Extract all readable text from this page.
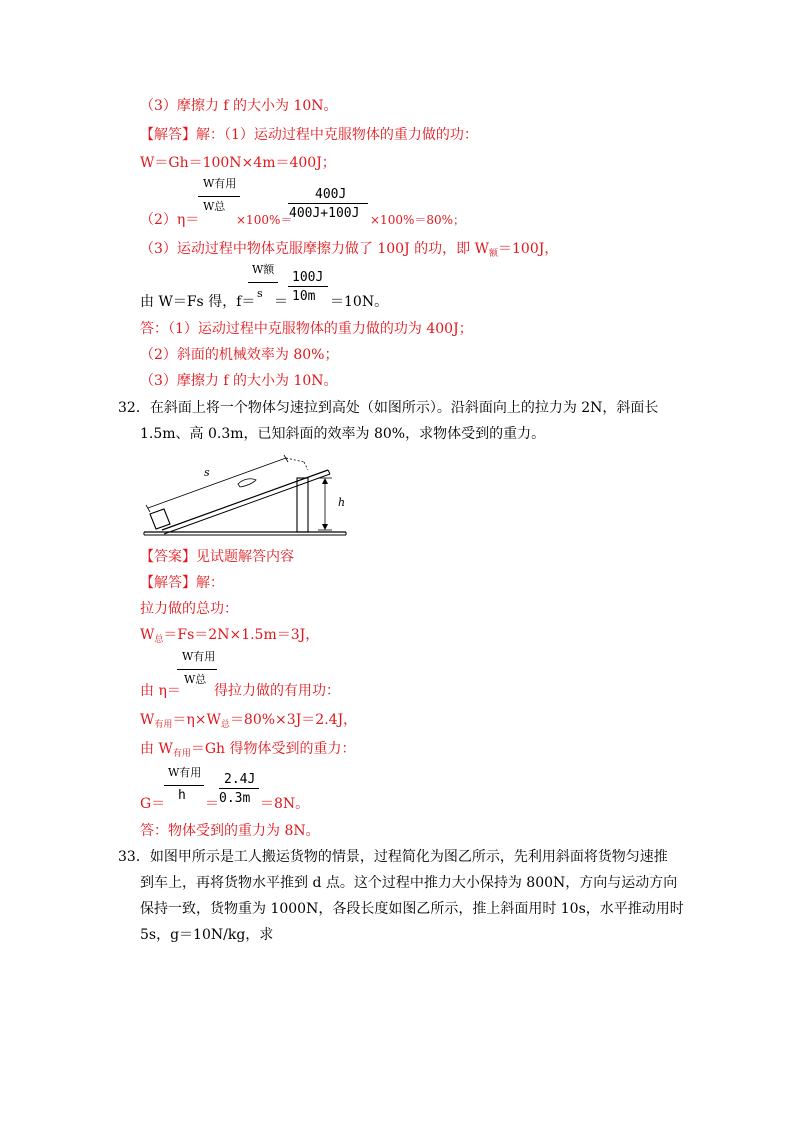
（3）摩擦力 f 的大小为 10N。
【解答】解：（1）运动过程中克服物体的重力做的功：
W＝Gh＝100N×4m＝400J；
（2）η＝
W有用
W总
×100%＝
400J
400J+100J ×100%＝80%；
（3）运动过程中物体克服摩擦力做了 100J 的功，即 $W_额=100J$，
由 W＝Fs 得，f＝
W额
s
＝
100J
10m ＝10N。
答：（1）运动过程中克服物体的重力做的功为 400J；
（2）斜面的机械效率为 80%；
（3）摩擦力 f 的大小为 10N。
32．在斜面上将一个物体匀速拉到高处（如图所示）。沿斜面向上的拉力为 2N，斜面长
1.5m、高 0.3m，已知斜面的效率为 80%，求物体受到的重力。
s
h
【答案】见试题解答内容
【解答】解：
拉力做的总功：
$W_总=Fs=2N\times 1.5m=3J$，
由 η＝
W有用
W总
得拉力做的有用功：
$W_{有用}=\eta\times W_总=80\%\times 3J=2.4J$，
由 $W_{有用}=Gh$ 得物体受到的重力：
G＝
W有用
h
＝
2.4J
0.3m ＝8N。
答：物体受到的重力为 8N。
33．如图甲所示是工人搬运货物的情景，过程简化为图乙所示，先利用斜面将货物匀速推
到车上，再将货物水平推到 d 点。这个过程中推力大小保持为 800N，方向与运动方向
保持一致，货物重为 1000N，各段长度如图乙所示，推上斜面用时 10s，水平推动用时
5s，g＝10N/kg，求
